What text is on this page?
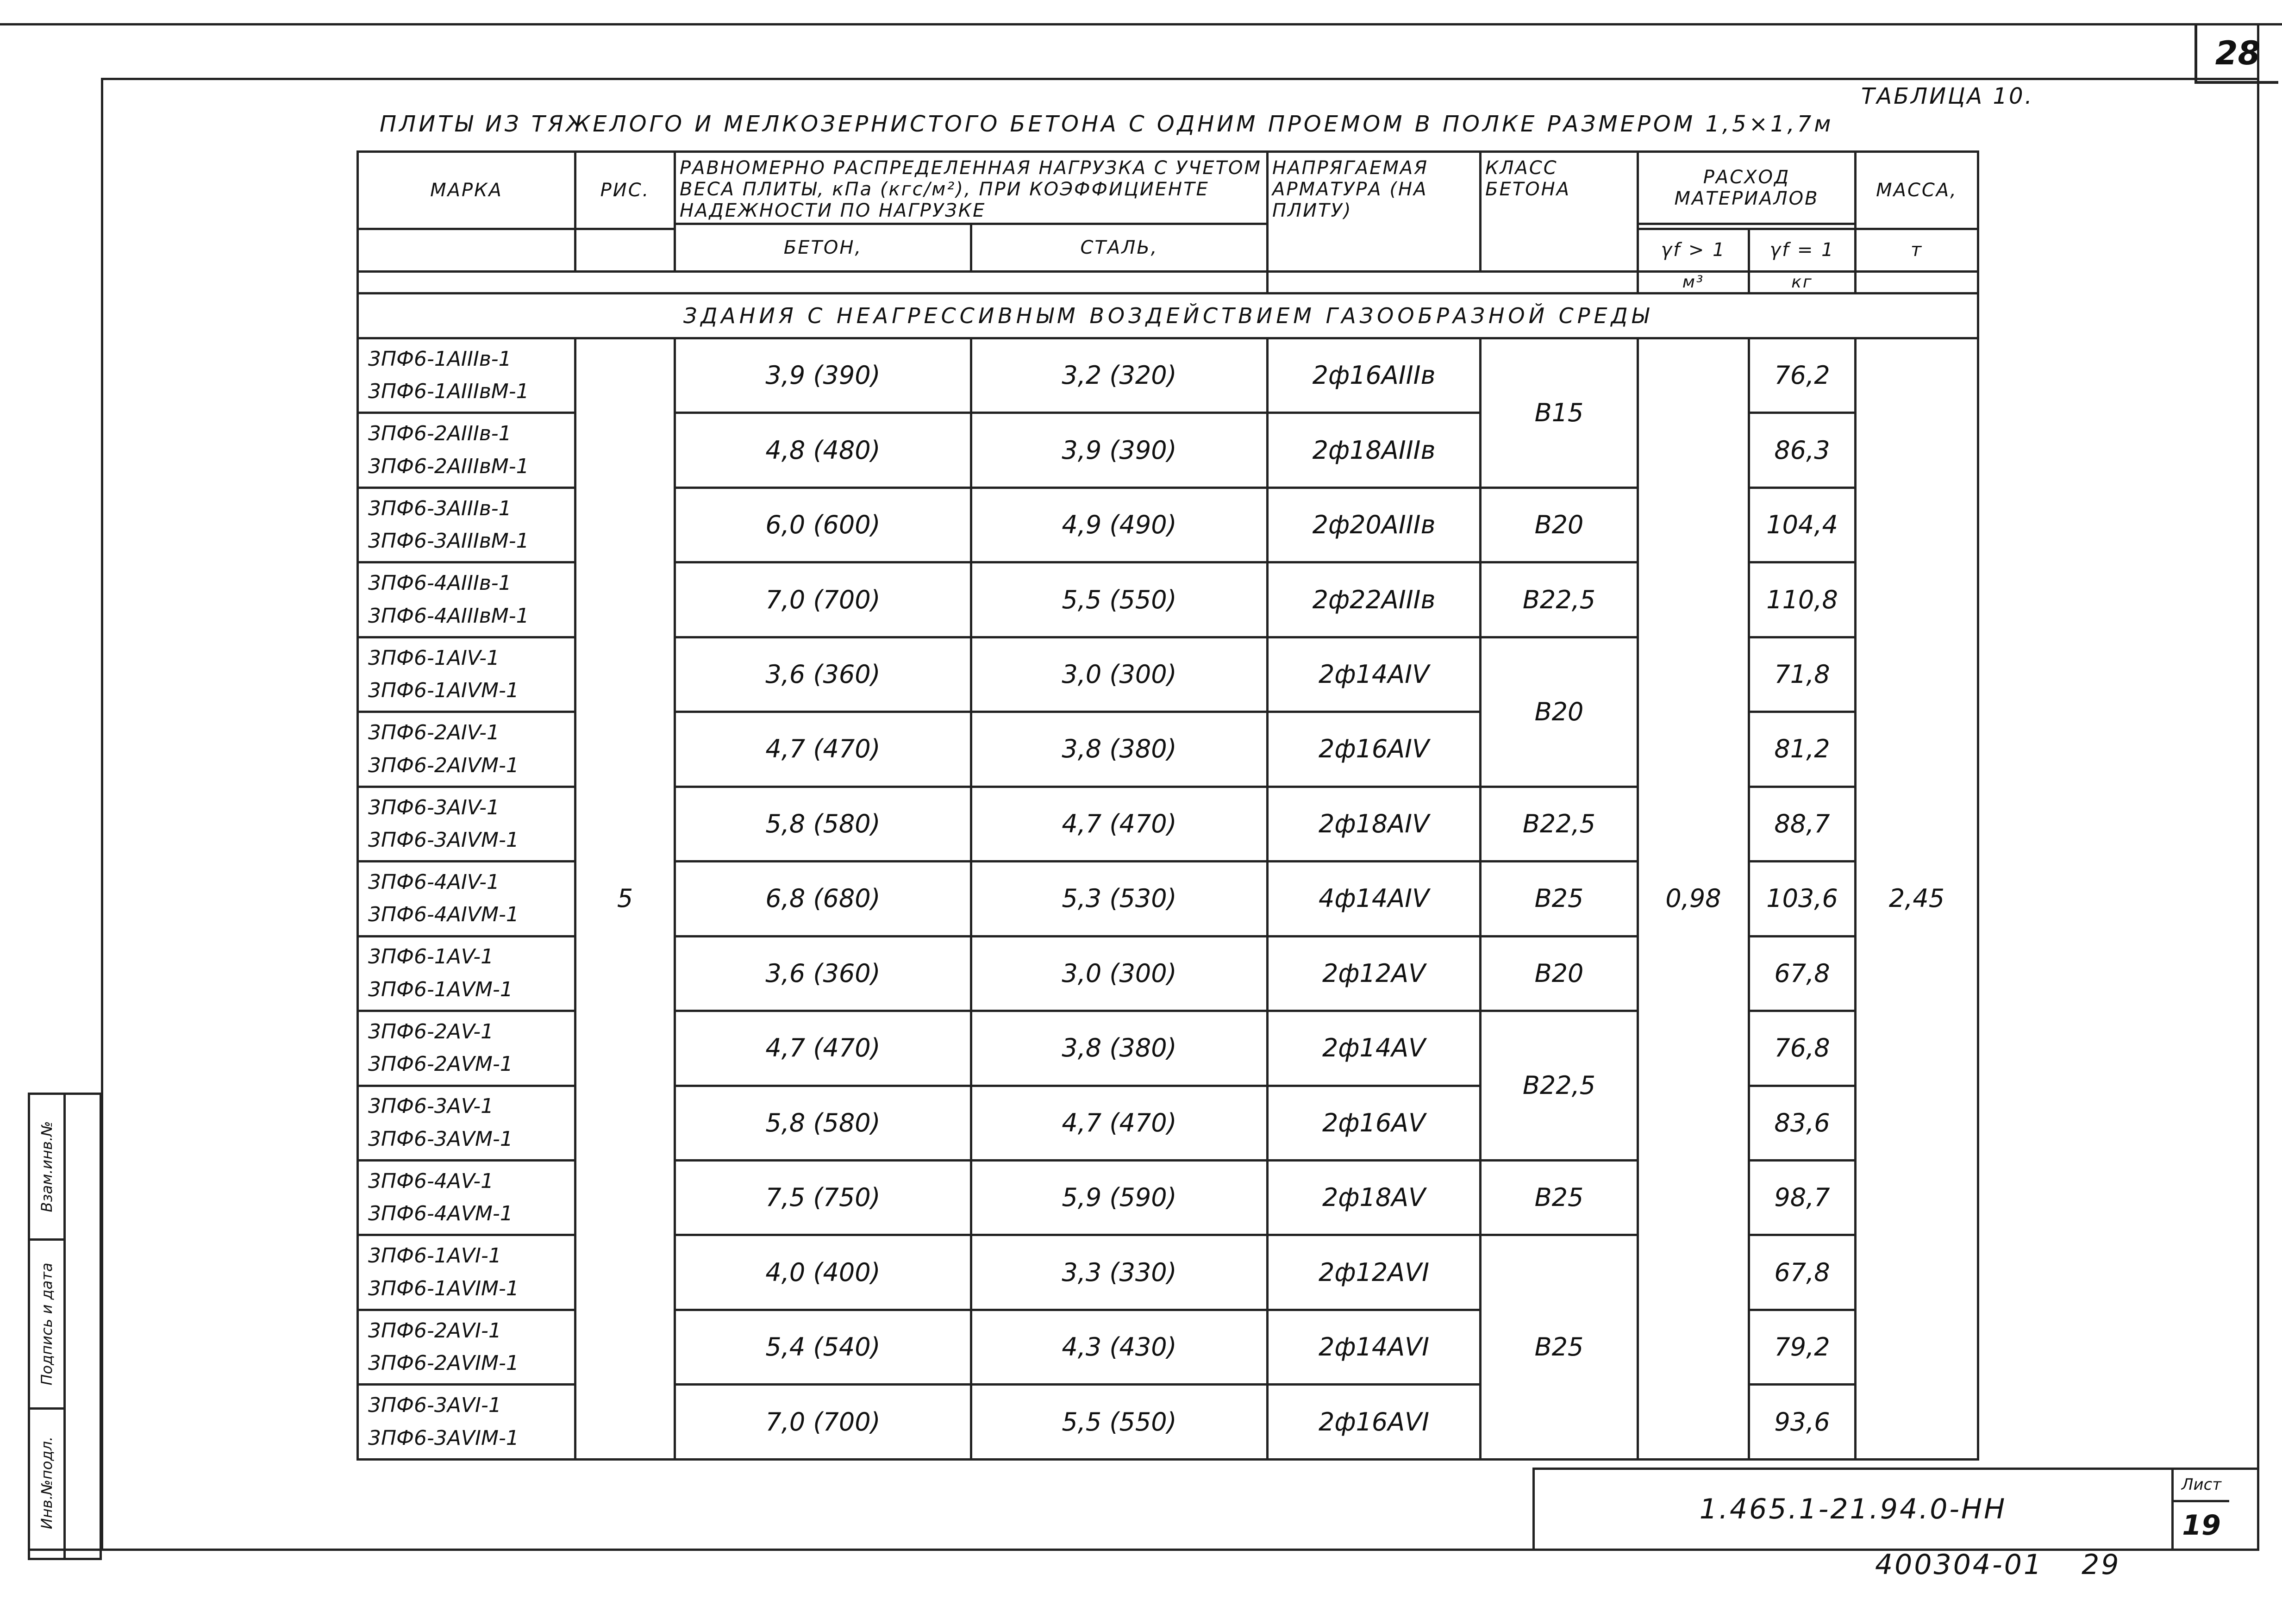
28
ТАБЛИЦА 10.
ПЛИТЫ ИЗ ТЯЖЕЛОГО И МЕЛКОЗЕРНИСТОГО БЕТОНА С ОДНИМ ПРОЕМОМ В ПОЛКЕ РАЗМЕРОМ 1,5×1,7м
МАРКА	РИС.	РАВНОМЕРНО РАСПРЕДЕЛЕННАЯ НАГРУЗКА С УЧЕТОМ ВЕСА ПЛИТЫ, кПа (кгс/м²), ПРИ КОЭФФИЦИЕНТЕ НАДЕЖНОСТИ ПО НАГРУЗКЕ		НАПРЯГАЕМАЯ АРМАТУРА (НА ПЛИТУ)	КЛАСС БЕТОНА	РАСХОД МАТЕРИАЛОВ		МАССА,
		БЕТОН,	СТАЛЬ,					
						γf > 1	γf = 1	т
						м³	кг	
ЗДАНИЯ С НЕАГРЕССИВНЫМ ВОЗДЕЙСТВИЕМ ГАЗООБРАЗНОЙ СРЕДЫ								

3ПФ6-1АIIIв-1
3ПФ6-1АIIIвМ-1	5	3,9 (390)	3,2 (320)	2ф16АIIIв	В15	0,98	76,2	2,45

3ПФ6-2АIIIв-1
3ПФ6-2АIIIвМ-1		4,8 (480)	3,9 (390)	2ф18АIIIв			86,3	

3ПФ6-3АIIIв-1
3ПФ6-3АIIIвМ-1		6,0 (600)	4,9 (490)	2ф20АIIIв	В20		104,4	

3ПФ6-4АIIIв-1
3ПФ6-4АIIIвМ-1		7,0 (700)	5,5 (550)	2ф22АIIIв	В22,5		110,8	

3ПФ6-1АIV-1
3ПФ6-1АIVМ-1		3,6 (360)	3,0 (300)	2ф14АIV	В20		71,8	

3ПФ6-2АIV-1
3ПФ6-2АIVМ-1		4,7 (470)	3,8 (380)	2ф16АIV			81,2	

3ПФ6-3АIV-1
3ПФ6-3АIVМ-1		5,8 (580)	4,7 (470)	2ф18АIV	В22,5		88,7	

3ПФ6-4АIV-1
3ПФ6-4АIVМ-1		6,8 (680)	5,3 (530)	4ф14АIV	В25		103,6	

3ПФ6-1АV-1
3ПФ6-1АVМ-1		3,6 (360)	3,0 (300)	2ф12АV	В20		67,8	

3ПФ6-2АV-1
3ПФ6-2АVМ-1		4,7 (470)	3,8 (380)	2ф14АV	В22,5		76,8	

3ПФ6-3АV-1
3ПФ6-3АVМ-1		5,8 (580)	4,7 (470)	2ф16АV			83,6	

3ПФ6-4АV-1
3ПФ6-4АVМ-1		7,5 (750)	5,9 (590)	2ф18АV	В25		98,7	

3ПФ6-1АVI-1
3ПФ6-1АVIМ-1		4,0 (400)	3,3 (330)	2ф12АVI	В25		67,8	

3ПФ6-2АVI-1
3ПФ6-2АVIМ-1		5,4 (540)	4,3 (430)	2ф14АVI			79,2	

3ПФ6-3АVI-1
3ПФ6-3АVIМ-1		7,0 (700)	5,5 (550)	2ф16АVI			93,6	
1.465.1-21.94.0-НН
Лист
19
400304-01 29
Взам.инв.№
Подпись и дата
Инв.№подл.
